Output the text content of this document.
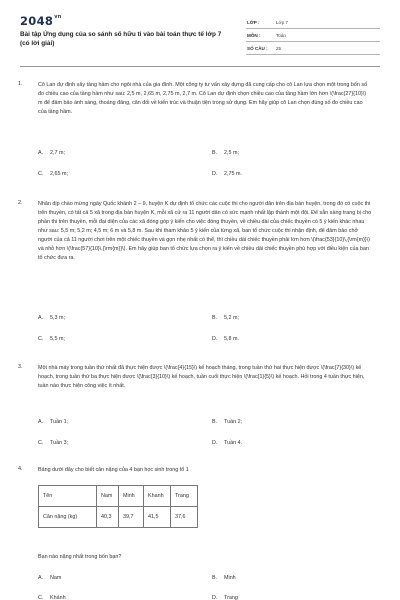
$2048^{vn}$
Bài tập Ứng dụng của so sánh số hữu tỉ vào bài toán thực tế lớp 7 (có lời giải)
LỚP :	Lớp 7
MÔN :	Toán
SỐ CÂU : 25
1.	Cô Lan dự định xây tầng hầm cho ngôi nhà của gia đình. Một công ty tư vấn xây dựng đã cung cấp cho cô Lan lựa chọn một trong bốn số đo chiều cao của tầng hầm như sau: 2,5 m, 2,65 m, 2,75 m, 2,7 m. Cô Lan dự định chọn chiều cao của tầng hầm lớn hơn \(\frac{27}{10}\) m để đảm bảo ánh sáng, thoáng đãng, cân đối về kiến trúc và thuận tiện trong sử dụng. Em hãy giúp cô Lan chọn đúng số đo chiều cao của tầng hầm.
A. 2,7 m;	B. 2,5 m;
C. 2,65 m;	D. 2,75 m.
2.	Nhân dịp chào mừng ngày Quốc khánh 2 – 9, huyện K dự định tổ chức các cuộc thi cho người dân trên địa bàn huyện, trong đó có cuộc thi trên thuyền, có tất cả 5 xã trong địa bàn huyện K, mỗi xã cử ra 11 người dân có sức mạnh nhất lập thành một đội. Để sẵn sàng trang bị cho phần thi trên thuyền, mỗi đại diện của các xã đóng góp ý kiến cho việc đóng thuyền, về chiều dài của chiếc thuyền có 5 ý kiến khác nhau như sau: 5,5 m; 5,2 m; 4,5 m; 6 m và 5,8 m. Sau khi tham khảo 5 ý kiến của từng xã, ban tổ chức cuộc thi nhận định, để đảm bảo chở người của cả 11 người chơi trên một chiếc thuyền và gọn nhẹ nhất có thể, thì chiều dài chiếc thuyền phải lớn hơn \(\frac{53}{10}\,{\rm{m}}\) và nhỏ hơn \(\frac{57}{10}\,{\rm{m}}\). Em hãy giúp ban tổ chức lựa chọn ra ý kiến về chiều dài chiếc thuyền phù hợp với điều kiện của ban tổ chức đưa ra.
A. 5,3 m;	B. 5,2 m;
C. 5,5 m;	D. 5,8 m.
3.	Một nhà máy trong tuần thứ nhất đã thực hiện được \(\frac{4}{15}\) kế hoạch tháng, trong tuần thứ hai thực hiện được \(\frac{7}{30}\) kế hoạch, trong tuần thứ ba thực hiện được \(\frac{3}{10}\) kế hoạch, tuần cuối thực hiện \(\frac{1}{5}\) kế hoạch. Hỏi trong 4 tuần thực hiện, tuần nào thực hiện công việc ít nhất.
A. Tuần 1;	B. Tuần 2;
C. Tuần 3;	D. Tuần 4.
4.	Bảng dưới đây cho biết cân nặng của 4 bạn học sinh trong tổ 1
Tên	Nam	Minh	Khanh	Trang
Cân nặng (kg)	40,3	39,7	41,5	37,6
Bạn nào nặng nhất trong bốn bạn?
A. Nam	B. Minh
C. Khánh	D. Trang
